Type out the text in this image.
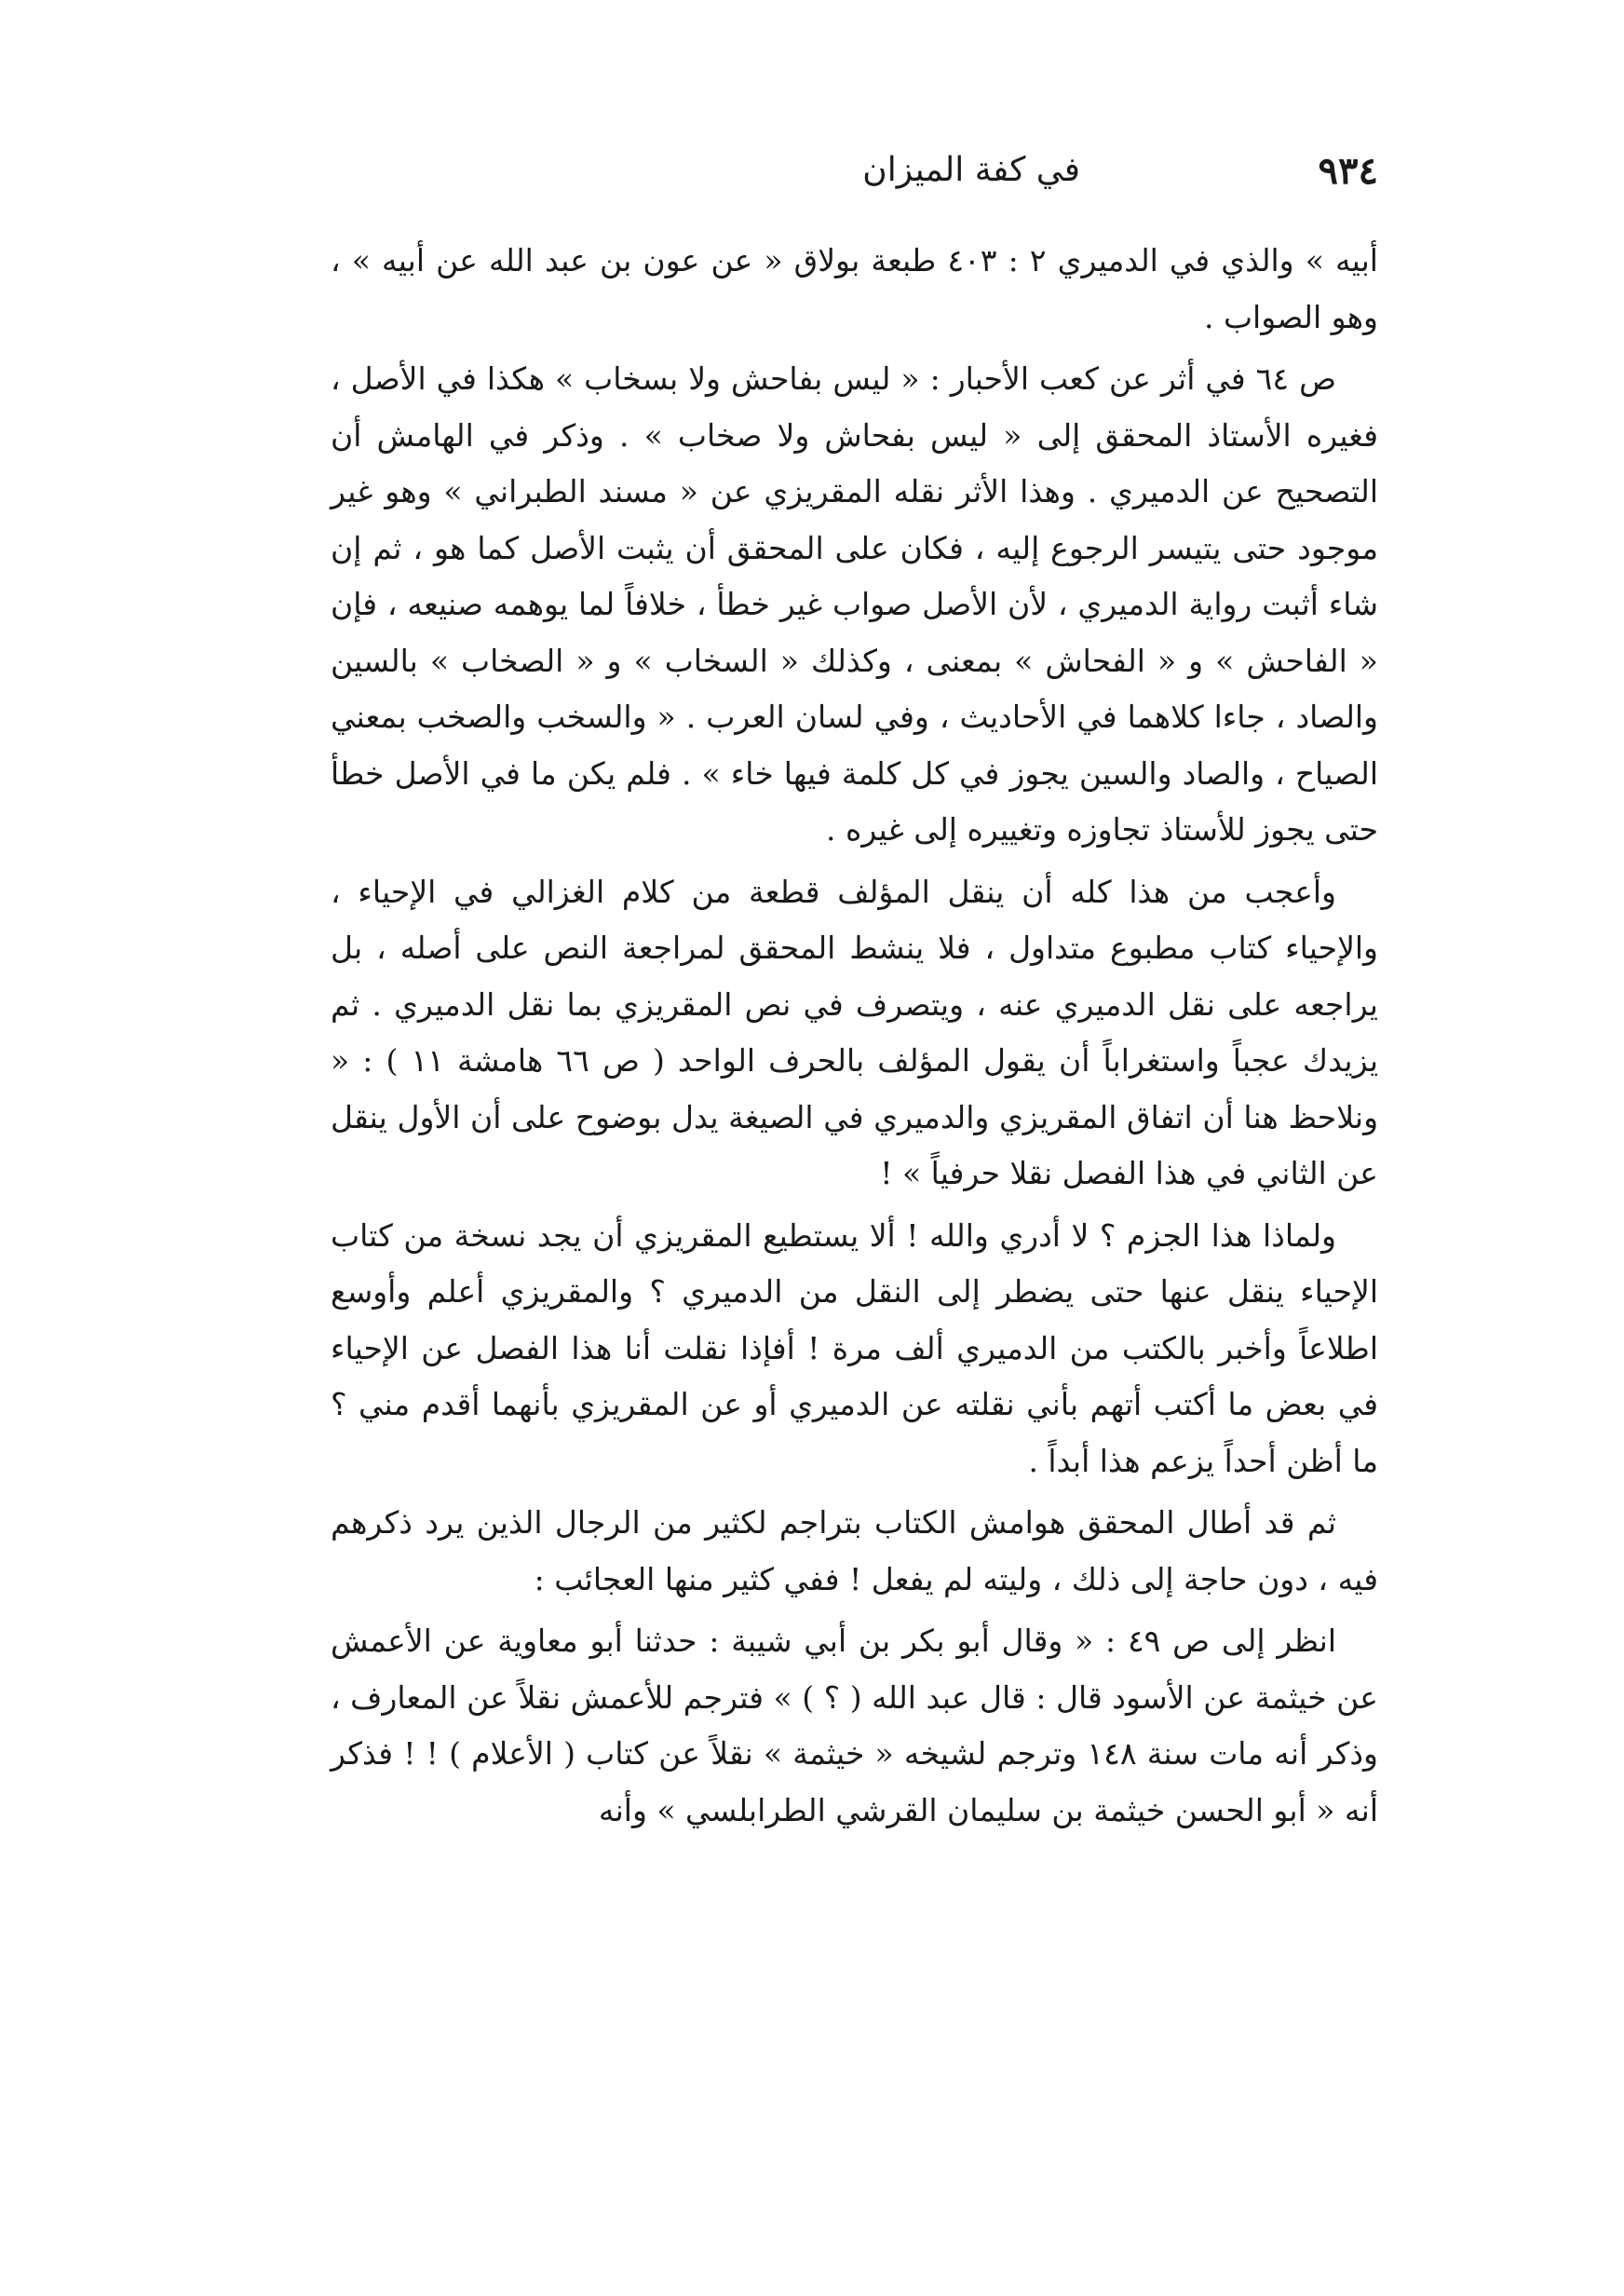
٩٣٤
في كفة الميزان

أبيه » والذي في الدميري ٢ : ٤٠٣ طبعة بولاق « عن عون بن عبد الله عن أبيه » ، وهو الصواب .

ص ٦٤ في أثر عن كعب الأحبار : « ليس بفاحش ولا بسخاب » هكذا في الأصل ، فغيره الأستاذ المحقق إلى « ليس بفحاش ولا صخاب » . وذكر في الهامش أن التصحيح عن الدميري . وهذا الأثر نقله المقريزي عن « مسند الطبراني » وهو غير موجود حتى يتيسر الرجوع إليه ، فكان على المحقق أن يثبت الأصل كما هو ، ثم إن شاء أثبت رواية الدميري ، لأن الأصل صواب غير خطأ ، خلافاً لما يوهمه صنيعه ، فإن « الفاحش » و « الفحاش » بمعنى ، وكذلك « السخاب » و « الصخاب » بالسين والصاد ، جاءا كلاهما في الأحاديث ، وفي لسان العرب . « والسخب والصخب بمعني الصياح ، والصاد والسين يجوز في كل كلمة فيها خاء » . فلم يكن ما في الأصل خطأ حتى يجوز للأستاذ تجاوزه وتغييره إلى غيره .

وأعجب من هذا كله أن ينقل المؤلف قطعة من كلام الغزالي في الإحياء ، والإحياء كتاب مطبوع متداول ، فلا ينشط المحقق لمراجعة النص على أصله ، بل يراجعه على نقل الدميري عنه ، ويتصرف في نص المقريزي بما نقل الدميري . ثم يزيدك عجباً واستغراباً أن يقول المؤلف بالحرف الواحد ( ص ٦٦ هامشة ١١ ) : « ونلاحظ هنا أن اتفاق المقريزي والدميري في الصيغة يدل بوضوح على أن الأول ينقل عن الثاني في هذا الفصل نقلا حرفياً » !

ولماذا هذا الجزم ؟ لا أدري والله ! ألا يستطيع المقريزي أن يجد نسخة من كتاب الإحياء ينقل عنها حتى يضطر إلى النقل من الدميري ؟ والمقريزي أعلم وأوسع اطلاعاً وأخبر بالكتب من الدميري ألف مرة ! أفإذا نقلت أنا هذا الفصل عن الإحياء في بعض ما أكتب أتهم بأني نقلته عن الدميري أو عن المقريزي بأنهما أقدم مني ؟ ما أظن أحداً يزعم هذا أبداً .

ثم قد أطال المحقق هوامش الكتاب بتراجم لكثير من الرجال الذين يرد ذكرهم فيه ، دون حاجة إلى ذلك ، وليته لم يفعل ! ففي كثير منها العجائب :

انظر إلى ص ٤٩ : « وقال أبو بكر بن أبي شيبة : حدثنا أبو معاوية عن الأعمش عن خيثمة عن الأسود قال : قال عبد الله ( ؟ ) » فترجم للأعمش نقلاً عن المعارف ، وذكر أنه مات سنة ١٤٨ وترجم لشيخه « خيثمة » نقلاً عن كتاب ( الأعلام ) ! ! فذكر أنه « أبو الحسن خيثمة بن سليمان القرشي الطرابلسي » وأنه
